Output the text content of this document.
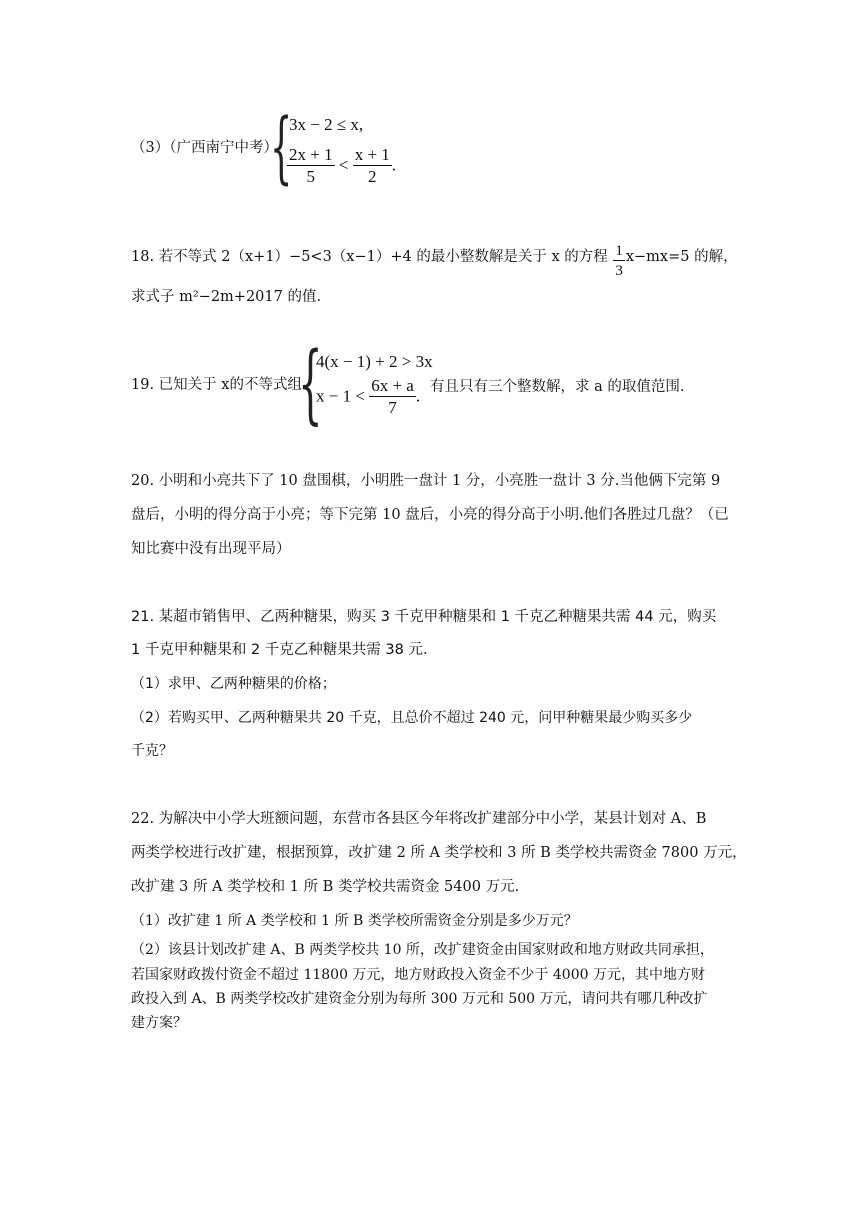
（3）（广西南宁中考）
{
3x − 2 ≤ x,
$\frac{2x + 1}{5} < \frac{x + 1}{2}$ .
18. 若不等式 2（x+1）−5<3（x−1）+4 的最小整数解是关于 x 的方程 $\frac{1}{3} x-mx=5$ 的解，
求式子 m²−2m+2017 的值.
19. 已知关于 x的不等式组
{
4(x − 1) + 2 > 3x
$x - 1 < \frac{6x + a}{7}$ . 有且只有三个整数解，求 a 的取值范围.
20. 小明和小亮共下了 10 盘围棋，小明胜一盘计 1 分，小亮胜一盘计 3 分.当他俩下完第 9
盘后，小明的得分高于小亮；等下完第 10 盘后，小亮的得分高于小明.他们各胜过几盘？（已
知比赛中没有出现平局）
21. 某超市销售甲、乙两种糖果，购买 3 千克甲种糖果和 1 千克乙种糖果共需 44 元，购买
1 千克甲种糖果和 2 千克乙种糖果共需 38 元．
（1）求甲、乙两种糖果的价格；
（2）若购买甲、乙两种糖果共 20 千克，且总价不超过 240 元，问甲种糖果最少购买多少
千克？
22. 为解决中小学大班额问题，东营市各县区今年将改扩建部分中小学，某县计划对 A、B
两类学校进行改扩建，根据预算，改扩建 2 所 A 类学校和 3 所 B 类学校共需资金 7800 万元，
改扩建 3 所 A 类学校和 1 所 B 类学校共需资金 5400 万元.
（1）改扩建 1 所 A 类学校和 1 所 B 类学校所需资金分别是多少万元？
（2）该县计划改扩建 A、B 两类学校共 10 所，改扩建资金由国家财政和地方财政共同承担，
若国家财政拨付资金不超过 11800 万元，地方财政投入资金不少于 4000 万元，其中地方财
政投入到 A、B 两类学校改扩建资金分别为每所 300 万元和 500 万元，请问共有哪几种改扩
建方案？
